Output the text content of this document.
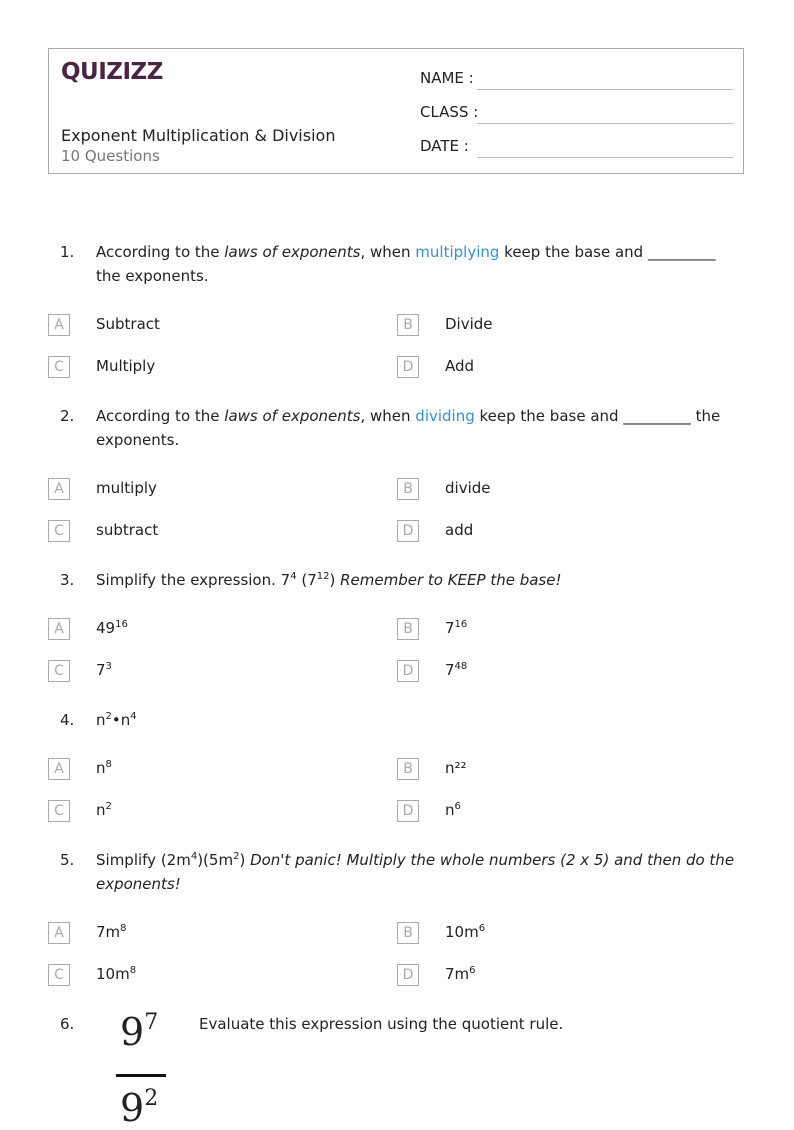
QUIZIZZ
Exponent Multiplication & Division
10 Questions
NAME :
CLASS :
DATE :
1. According to the laws of exponents, when multiplying keep the base and _________ the exponents.
A	Subtract	B	Divide
C	Multiply	D	Add
2. According to the laws of exponents, when dividing keep the base and _________ the exponents.
A	multiply	B	divide
C	subtract	D	add
3. Simplify the expression. $7^4$ $(7^{12})$ Remember to KEEP the base!
A	$49^{16}$	B	$7^{16}$
C	$7^3$	D	$7^{48}$
4. $n^2•n^4$
A	$n^8$	B	n²²
C	$n^2$	D	$n^6$
5. Simplify $(2m^4)(5m^2)$ Don't panic! Multiply the whole numbers (2 x 5) and then do the exponents!
A	$7m^8$	B	$10m^6$
C	$10m^8$	D	$7m^6$
6.	Evaluate this expression using the quotient rule.
$9^7$
$9^2$
